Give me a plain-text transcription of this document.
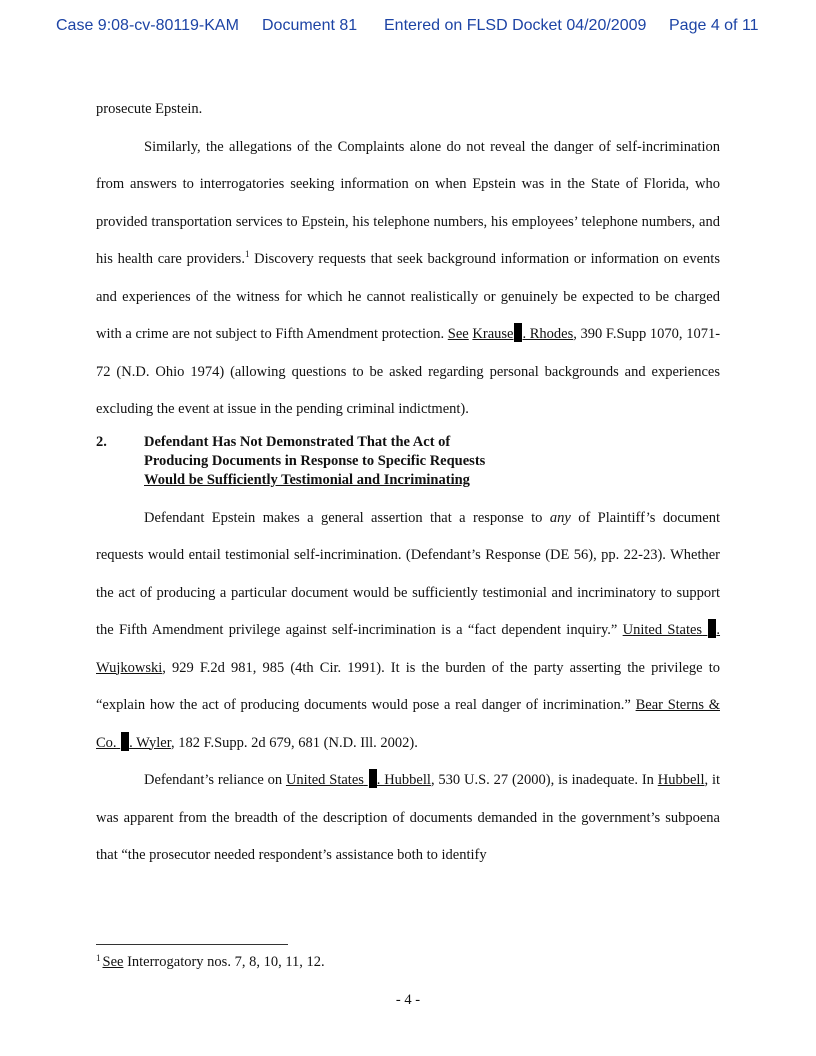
Case 9:08-cv-80119-KAM Document 81 Entered on FLSD Docket 04/20/2009 Page 4 of 11

prosecute Epstein.

Similarly, the allegations of the Complaints alone do not reveal the danger of self-incrimination from answers to interrogatories seeking information on when Epstein was in the State of Florida, who provided transportation services to Epstein, his telephone numbers, his employees’ telephone numbers, and his health care providers.$^1$ Discovery requests that seek background information or information on events and experiences of the witness for which he cannot realistically or genuinely be expected to be charged with a crime are not subject to Fifth Amendment protection. See Krause . Rhodes, 390 F.Supp 1070, 1071-72 (N.D. Ohio 1974) (allowing questions to be asked regarding personal backgrounds and experiences excluding the event at issue in the pending criminal indictment).

2.	Defendant Has Not Demonstrated That the Act of
Producing Documents in Response to Specific Requests
Would be Sufficiently Testimonial and Incriminating

Defendant Epstein makes a general assertion that a response to any of Plaintiff’s document requests would entail testimonial self-incrimination. (Defendant’s Response (DE 56), pp. 22-23). Whether the act of producing a particular document would be sufficiently testimonial and incriminatory to support the Fifth Amendment privilege against self-incrimination is a “fact dependent inquiry.” United States . Wujkowski, 929 F.2d 981, 985 (4th Cir. 1991). It is the burden of the party asserting the privilege to “explain how the act of producing documents would pose a real danger of incrimination.” Bear Sterns & Co. . Wyler, 182 F.Supp. 2d 679, 681 (N.D. Ill. 2002).

Defendant’s reliance on United States . Hubbell, 530 U.S. 27 (2000), is inadequate. In Hubbell, it was apparent from the breadth of the description of documents demanded in the government’s subpoena that “the prosecutor needed respondent’s assistance both to identify

$^1$ See Interrogatory nos. 7, 8, 10, 11, 12.
- 4 -
